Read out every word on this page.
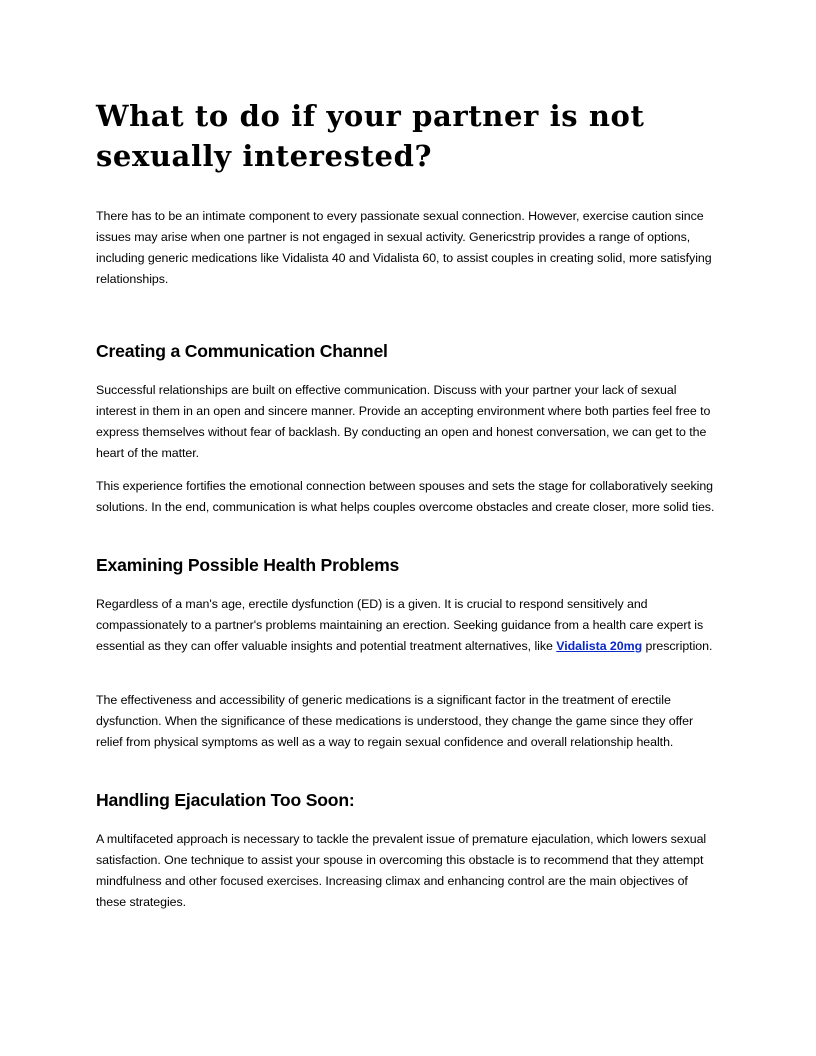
What to do if your partner is not sexually interested?

There has to be an intimate component to every passionate sexual connection. However, exercise caution since issues may arise when one partner is not engaged in sexual activity. Genericstrip provides a range of options, including generic medications like Vidalista 40 and Vidalista 60, to assist couples in creating solid, more satisfying relationships.

Creating a Communication Channel

Successful relationships are built on effective communication. Discuss with your partner your lack of sexual interest in them in an open and sincere manner. Provide an accepting environment where both parties feel free to express themselves without fear of backlash. By conducting an open and honest conversation, we can get to the heart of the matter.

This experience fortifies the emotional connection between spouses and sets the stage for collaboratively seeking solutions. In the end, communication is what helps couples overcome obstacles and create closer, more solid ties.

Examining Possible Health Problems

Regardless of a man's age, erectile dysfunction (ED) is a given. It is crucial to respond sensitively and compassionately to a partner's problems maintaining an erection. Seeking guidance from a health care expert is essential as they can offer valuable insights and potential treatment alternatives, like Vidalista 20mg prescription.

The effectiveness and accessibility of generic medications is a significant factor in the treatment of erectile dysfunction. When the significance of these medications is understood, they change the game since they offer relief from physical symptoms as well as a way to regain sexual confidence and overall relationship health.

Handling Ejaculation Too Soon:

A multifaceted approach is necessary to tackle the prevalent issue of premature ejaculation, which lowers sexual satisfaction. One technique to assist your spouse in overcoming this obstacle is to recommend that they attempt mindfulness and other focused exercises. Increasing climax and enhancing control are the main objectives of these strategies.
